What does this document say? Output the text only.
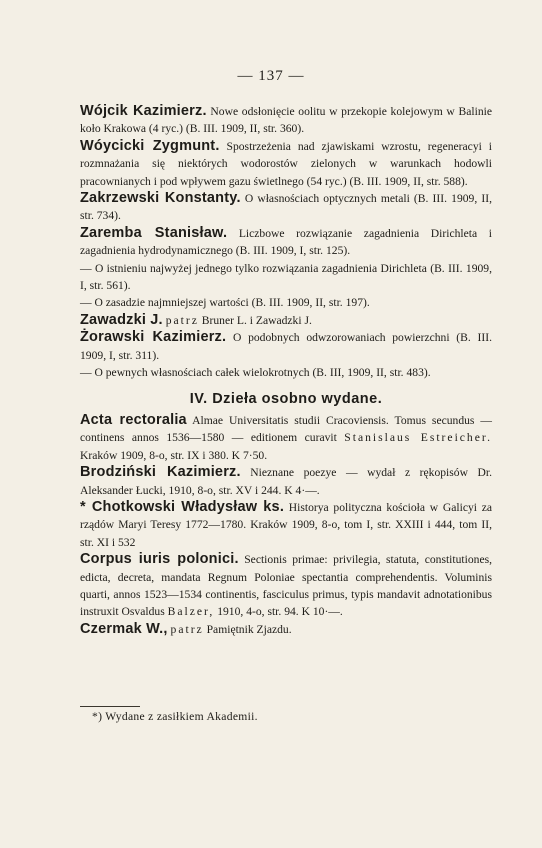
— 137 —
Wójcik Kazimierz. Nowe odsłonięcie oolitu w przekopie kolejowym w Balinie koło Krakowa (4 ryc.) (B. III. 1909, II, str. 360).
Wóycicki Zygmunt. Spostrzeżenia nad zjawiskami wzrostu, regeneracyi i rozmnażania się niektórych wodorostów zielonych w warunkach hodowli pracownianych i pod wpływem gazu świetlnego (54 ryc.) (B. III. 1909, II, str. 588).
Zakrzewski Konstanty. O własnościach optycznych metali (B. III. 1909, II, str. 734).
Zaremba Stanisław. Liczbowe rozwiązanie zagadnienia Dirichleta i zagadnienia hydrodynamicznego (B. III. 1909, I, str. 125).
— O istnieniu najwyżej jednego tylko rozwiązania zagadnienia Dirichleta (B. III. 1909, I, str. 561).
— O zasadzie najmniejszej wartości (B. III. 1909, II, str. 197).
Zawadzki J. patrz Bruner L. i Zawadzki J.
Żorawski Kazimierz. O podobnych odwzorowaniach powierzchni (B. III. 1909, I, str. 311).
— O pewnych własnościach całek wielokrotnych (B. III, 1909, II, str. 483).
IV. Dzieła osobno wydane.
Acta rectoralia Almae Universitatis studii Cracoviensis. Tomus secundus — continens annos 1536—1580 — editionem curavit Stanislaus Estreicher. Kraków 1909, 8-o, str. IX i 380. K 7·50.
Brodziński Kazimierz. Nieznane poezye — wydał z rękopisów Dr. Aleksander Łucki, 1910, 8-o, str. XV i 244. K 4·—.
* Chotkowski Władysław ks. Historya polityczna kościoła w Galicyi za rządów Maryi Teresy 1772—1780. Kraków 1909, 8-o, tom I, str. XXIII i 444, tom II, str. XI i 532
Corpus iuris polonici. Sectionis primae: privilegia, statuta, constitutiones, edicta, decreta, mandata Regnum Poloniae spectantia comprehendentis. Voluminis quarti, annos 1523—1534 continentis, fasciculus primus, typis mandavit adnotationibus instruxit Osvaldus Balzer, 1910, 4-o, str. 94. K 10·—.
Czermak W., patrz Pamiętnik Zjazdu.
*) Wydane z zasiłkiem Akademii.
